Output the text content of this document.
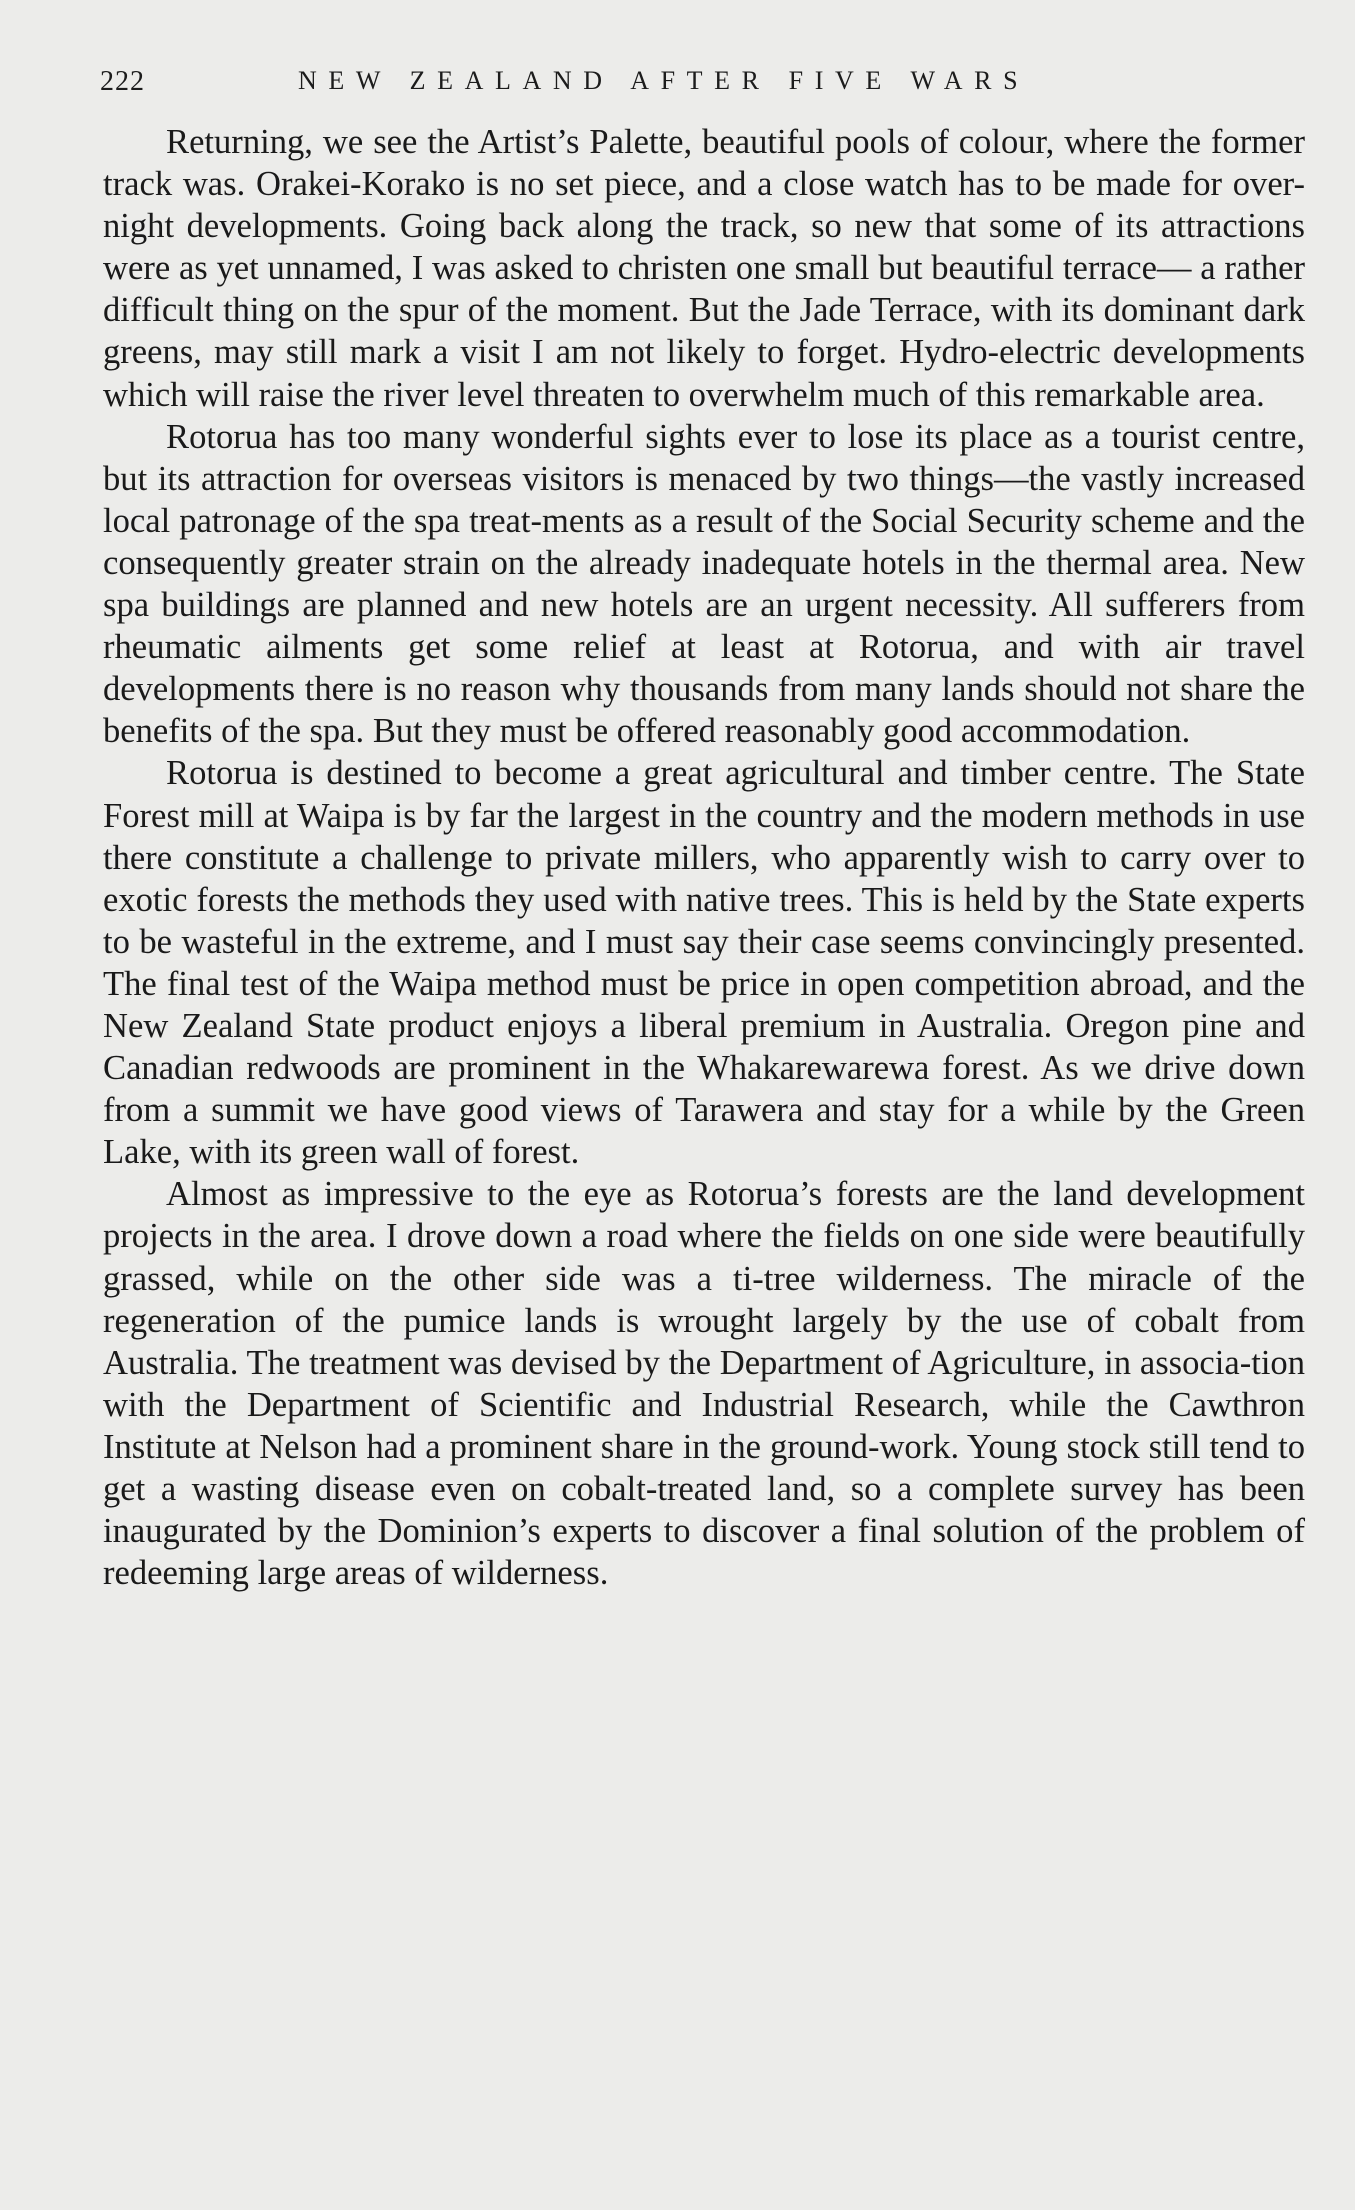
222	NEW ZEALAND AFTER FIVE WARS

Returning, we see the Artist’s Palette, beautiful pools of colour, where the former track was. Orakei-Korako is no set piece, and a close watch has to be made for over-night developments. Going back along the track, so new that some of its attractions were as yet unnamed, I was asked to christen one small but beautiful terrace— a rather difficult thing on the spur of the moment. But the Jade Terrace, with its dominant dark greens, may still mark a visit I am not likely to forget. Hydro-electric developments which will raise the river level threaten to overwhelm much of this remarkable area.

Rotorua has too many wonderful sights ever to lose its place as a tourist centre, but its attraction for overseas visitors is menaced by two things—the vastly increased local patronage of the spa treat-ments as a result of the Social Security scheme and the consequently greater strain on the already inadequate hotels in the thermal area. New spa buildings are planned and new hotels are an urgent necessity. All sufferers from rheumatic ailments get some relief at least at Rotorua, and with air travel developments there is no reason why thousands from many lands should not share the benefits of the spa. But they must be offered reasonably good accommodation.

Rotorua is destined to become a great agricultural and timber centre. The State Forest mill at Waipa is by far the largest in the country and the modern methods in use there constitute a challenge to private millers, who apparently wish to carry over to exotic forests the methods they used with native trees. This is held by the State experts to be wasteful in the extreme, and I must say their case seems convincingly presented. The final test of the Waipa method must be price in open competition abroad, and the New Zealand State product enjoys a liberal premium in Australia. Oregon pine and Canadian redwoods are prominent in the Whakarewarewa forest. As we drive down from a summit we have good views of Tarawera and stay for a while by the Green Lake, with its green wall of forest.

Almost as impressive to the eye as Rotorua’s forests are the land development projects in the area. I drove down a road where the fields on one side were beautifully grassed, while on the other side was a ti-tree wilderness. The miracle of the regeneration of the pumice lands is wrought largely by the use of cobalt from Australia. The treatment was devised by the Department of Agriculture, in associa-tion with the Department of Scientific and Industrial Research, while the Cawthron Institute at Nelson had a prominent share in the ground-work. Young stock still tend to get a wasting disease even on cobalt-treated land, so a complete survey has been inaugurated by the Dominion’s experts to discover a final solution of the problem of redeeming large areas of wilderness.
